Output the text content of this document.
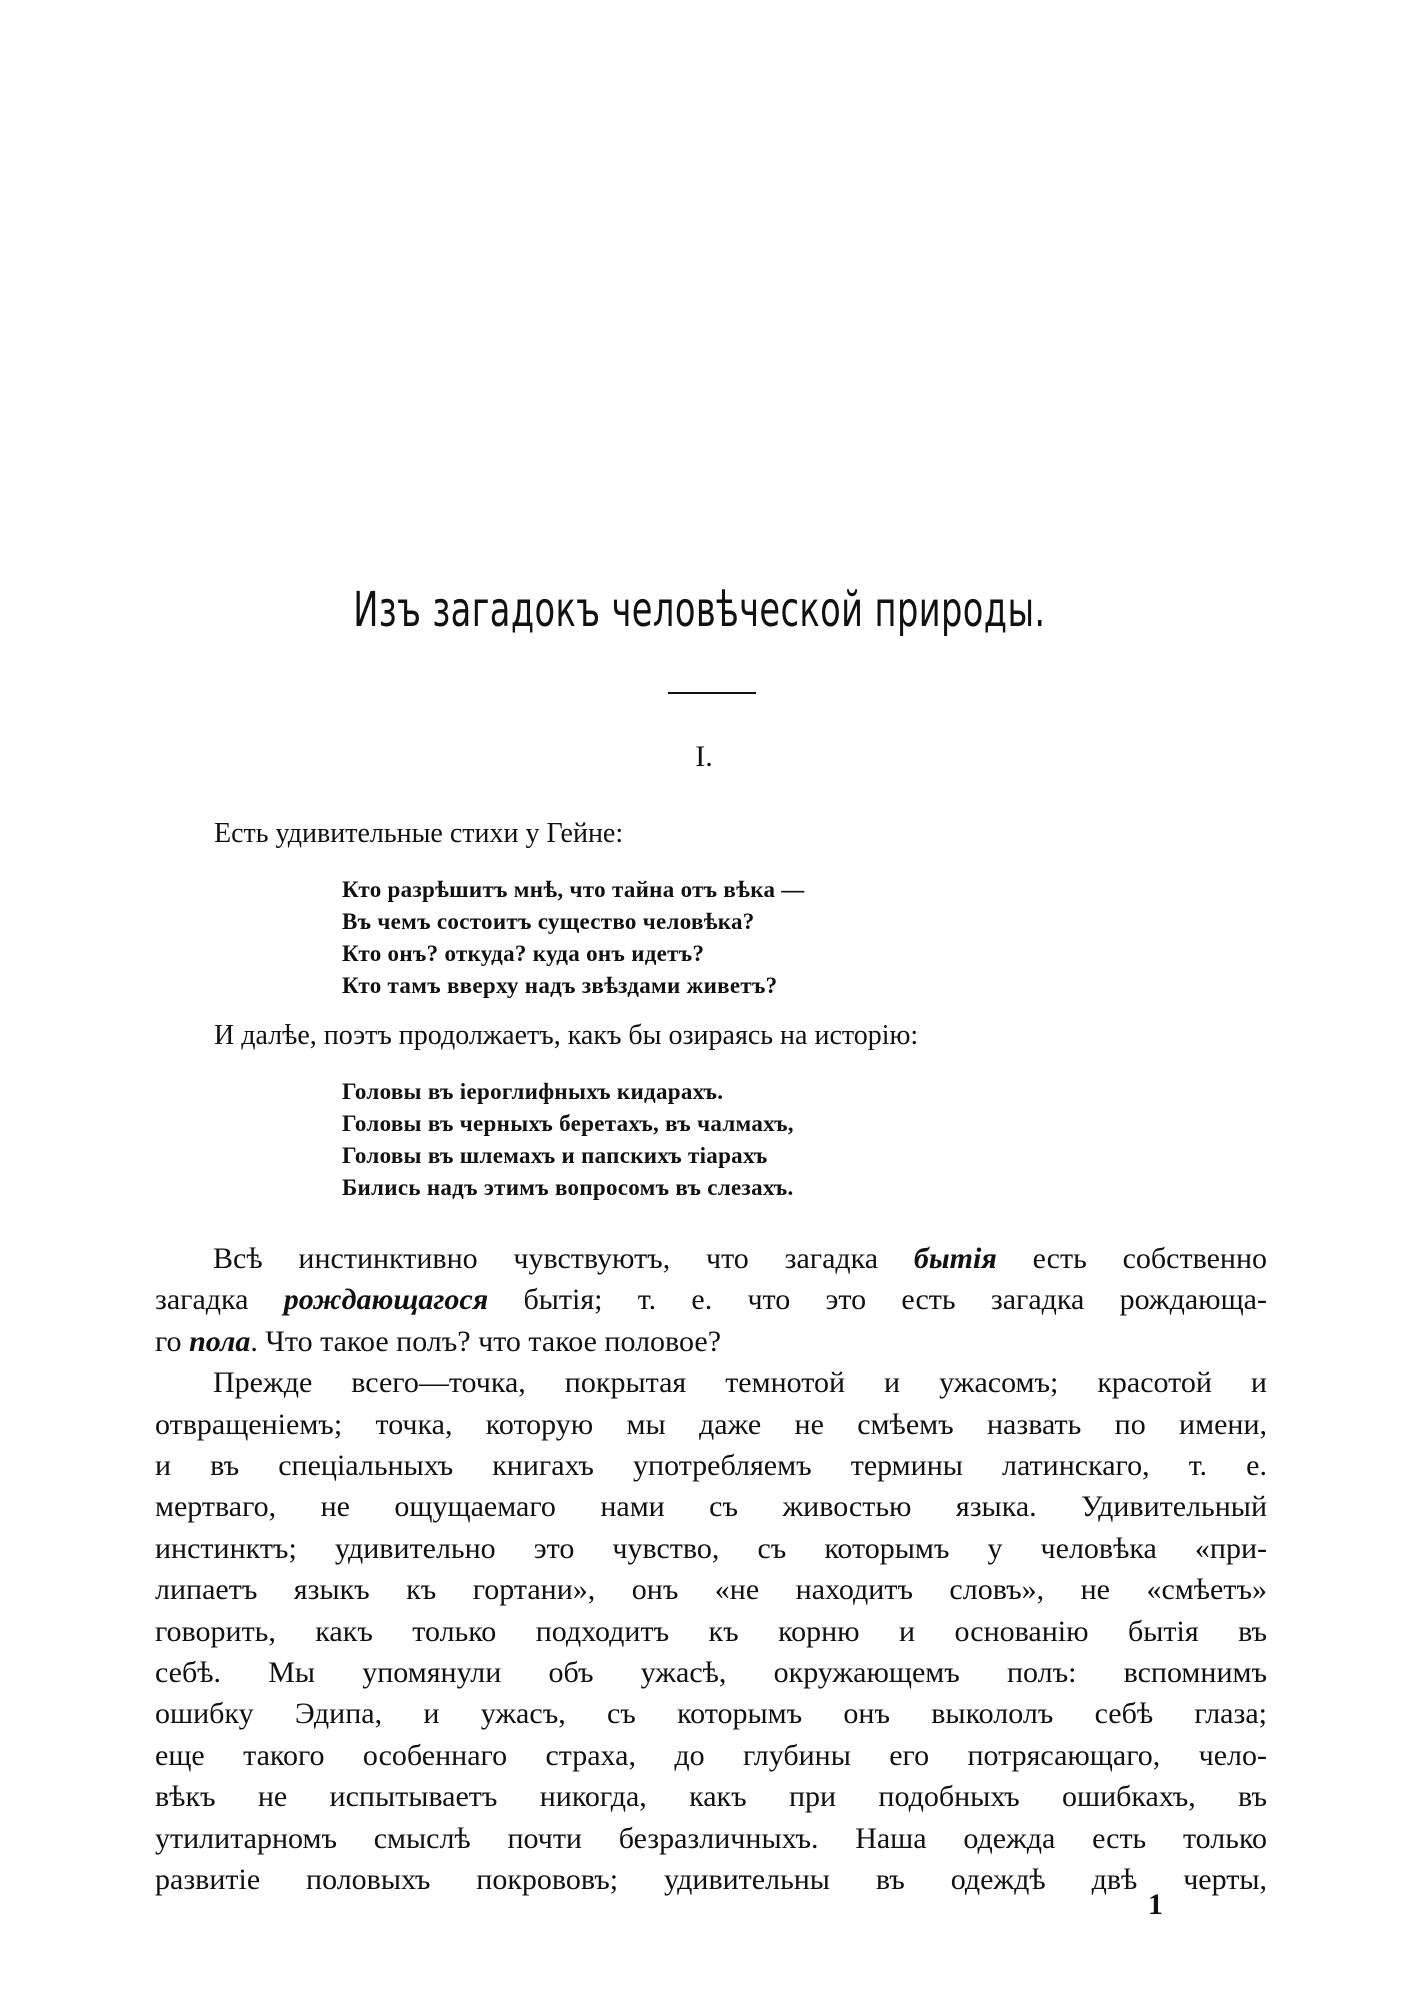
Изъ загадокъ человѣческой природы.
I.
Есть удивительные стихи у Гейне:
Кто разрѣшитъ мнѣ, что тайна отъ вѣка —
Въ чемъ состоитъ существо человѣка?
Кто онъ? откуда? куда онъ идетъ?
Кто тамъ вверху надъ звѣздами живетъ?
И далѣе, поэтъ продолжаетъ, какъ бы озираясь на исторію:
Головы въ іероглифныхъ кидарахъ.
Головы въ черныхъ беретахъ, въ чалмахъ,
Головы въ шлемахъ и папскихъ тіарахъ
Бились надъ этимъ вопросомъ въ слезахъ.
Всѣ инстинктивно чувствуютъ, что загадка бытія есть собственно
загадка рождающагося бытія; т. е. что это есть загадка рождающа-
го пола. Что такое полъ? что такое половое?
Прежде всего—точка, покрытая темнотой и ужасомъ; красотой и
отвращеніемъ; точка, которую мы даже не смѣемъ назвать по имени,
и въ спеціальныхъ книгахъ употребляемъ термины латинскаго, т. е.
мертваго, не ощущаемаго нами съ живостью языка. Удивительный
инстинктъ; удивительно это чувство, съ которымъ у человѣка «при-
липаетъ языкъ къ гортани», онъ «не находитъ словъ», не «смѣетъ»
говорить, какъ только подходитъ къ корню и основанію бытія въ
себѣ. Мы упомянули объ ужасѣ, окружающемъ полъ: вспомнимъ
ошибку Эдипа, и ужасъ, съ которымъ онъ выкололъ себѣ глаза;
еще такого особеннаго страха, до глубины его потрясающаго, чело-
вѣкъ не испытываетъ никогда, какъ при подобныхъ ошибкахъ, въ
утилитарномъ смыслѣ почти безразличныхъ. Наша одежда есть только
развитіе половыхъ покрововъ; удивительны въ одеждѣ двѣ черты,
1
